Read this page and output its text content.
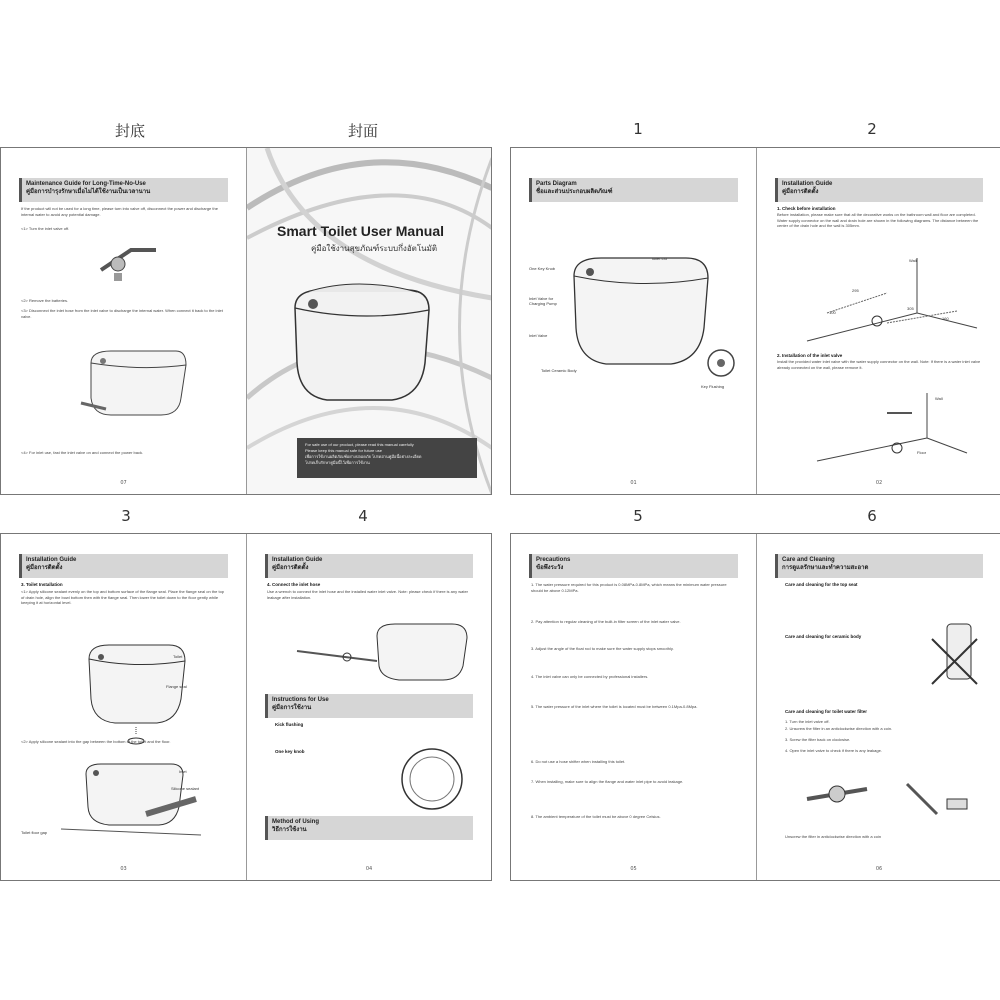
封底	封面	1	2
3	4	5	6
Maintenance Guide for Long-Time-No-Use
คู่มือการบำรุงรักษาเมื่อไม่ได้ใช้งานเป็นเวลานาน
If the product will not be used for a long time, please turn into valve off, disconnect the power and discharge the internal water to avoid any potential damage.
<1> Turn the inlet valve off.
<2> Remove the batteries.
<3> Disconnect the inlet hose from the inlet valve to discharge the internal water. When connect it back to the inlet valve.
<4> For inlet use, fast the inlet valve on and connect the power back.
07
Smart Toilet User Manual
คู่มือใช้งานสุขภัณฑ์ระบบกึ่งอัตโนมัติ
For safe use of our product, please read this manual carefully
Please keep this manual safe for future use
เพื่อการใช้งานผลิตภัณฑ์อย่างปลอดภัย โปรดอ่านคู่มือนี้อย่างละเอียด
โปรดเก็บรักษาคู่มือนี้ไว้เพื่อการใช้งาน
Parts Diagram
ชื่อและส่วนประกอบผลิตภัณฑ์
Toilet Lid
One Key Knob
Inlet Valve for Charging Pump
Inlet Valve
Toilet Ceramic Body
Key Flushing
01
Installation Guide
คู่มือการติดตั้ง
1. Check before installation
Before installation, please make sure that all the decorative works on the bathroom wall and floor are completed. Water supply connector on the wall and drain hole are shown in the following diagrams. The distance between the center of the drain hole and the wall is 305mm.
295
100
305
160
Wall
2. Installation of the inlet valve
Install the provided water inlet valve with the water supply connector on the wall. Note: If there is a water inlet valve already connected on the wall, please remove it.
Wall
Floor
02
Installation Guide
คู่มือการติดตั้ง
3. Toilet Installation
<1> Apply silicone sealant evenly on the top and bottom surface of the flange seal. Place the flange seal on the top of drain hole, align the bowl bottom then with the flange seal. Then lower the toilet down to the floor gently while keeping it at horizontal level.
Toilet
Flange seal
<2> Apply silicone sealant into the gap between the bottom of the toilet and the floor.
Inlet
Silicone sealant
Toilet floor gap
03
Installation Guide
คู่มือการติดตั้ง
4. Connect the inlet hose
Use a wrench to connect the inlet hose and the installed water inlet valve. Note: please check if there is any water leakage after installation.
Instructions for Use
คู่มือการใช้งาน
Kick flushing
One key knob
Method of Using
วิธีการใช้งาน
04
Precautions
ข้อพึงระวัง
1. The water pressure required for this product is 0.08MPa-0.8MPa, which means the minimum water pressure should be above 0.12MPa.
2. Pay attention to regular cleaning of the built-in filter screen of the inlet water valve.
3. Adjust the angle of the float rod to make sure the water supply stops smoothly.
4. The inlet valve can only be connected by professional installers.
5. The water pressure of the inlet where the toilet is located must be between 0.1Mpa-0.8Mpa.
6. Do not use a hose shifter when installing this toilet.
7. When installing, make sure to align the flange and water inlet pipe to avoid leakage.
8. The ambient temperature of the toilet must be above 0 degree Celsius.
05
Care and Cleaning
การดูแลรักษาและทำความสะอาด
Care and cleaning for the top seat
Care and cleaning for ceramic body
Care and cleaning for toilet water filter
1. Turn the inlet valve off.
2. Unscrew the filter in an anticlockwise direction with a coin.
3. Screw the filter back on clockwise.
4. Open the inlet valve to check if there is any leakage.
Unscrew the filter in anticlockwise direction with a coin
06
